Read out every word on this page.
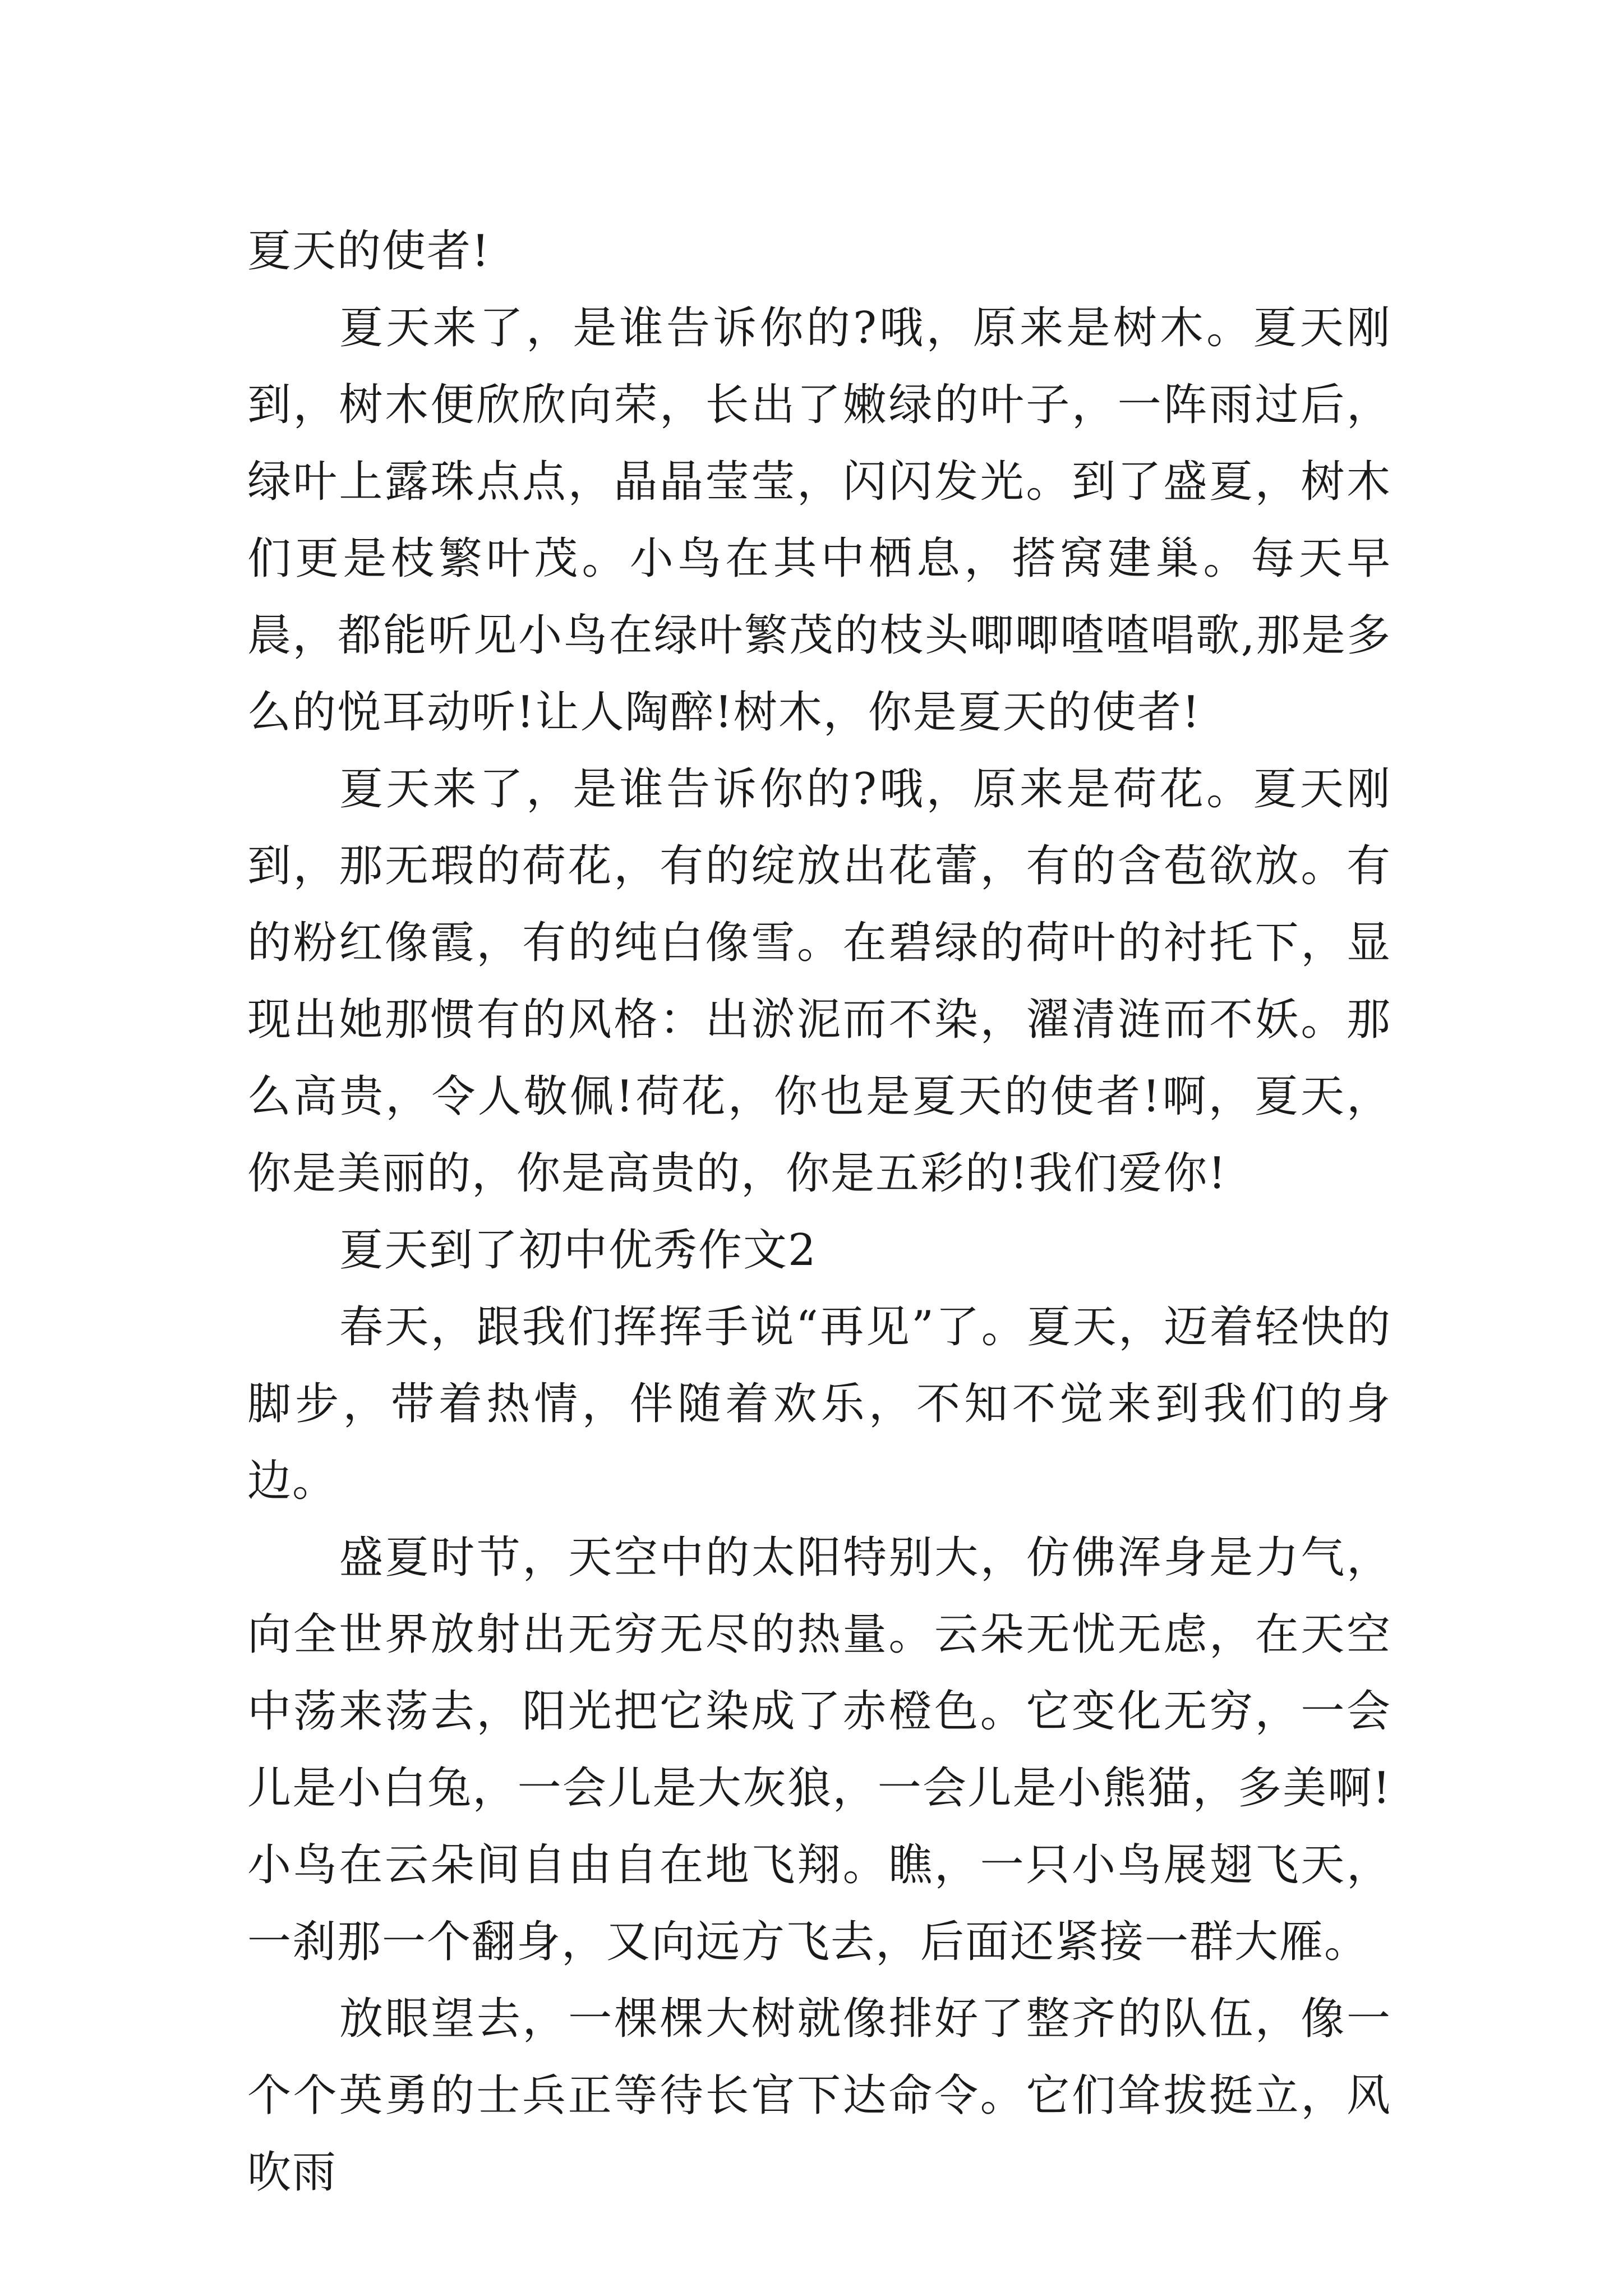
夏天的使者!

夏天来了，是谁告诉你的?哦，原来是树木。夏天刚到，树木便欣欣向荣，长出了嫩绿的叶子，一阵雨过后，绿叶上露珠点点，晶晶莹莹，闪闪发光。到了盛夏，树木们更是枝繁叶茂。小鸟在其中栖息，搭窝建巢。每天早晨，都能听见小鸟在绿叶繁茂的枝头唧唧喳喳唱歌,那是多么的悦耳动听!让人陶醉!树木，你是夏天的使者!

夏天来了，是谁告诉你的?哦，原来是荷花。夏天刚到，那无瑕的荷花，有的绽放出花蕾，有的含苞欲放。有的粉红像霞，有的纯白像雪。在碧绿的荷叶的衬托下，显现出她那惯有的风格：出淤泥而不染，濯清涟而不妖。那么高贵，令人敬佩!荷花，你也是夏天的使者!啊，夏天，你是美丽的，你是高贵的，你是五彩的!我们爱你!

夏天到了初中优秀作文2

春天，跟我们挥挥手说“再见”了。夏天，迈着轻快的脚步，带着热情，伴随着欢乐，不知不觉来到我们的身边。

盛夏时节，天空中的太阳特别大，仿佛浑身是力气，向全世界放射出无穷无尽的热量。云朵无忧无虑，在天空中荡来荡去，阳光把它染成了赤橙色。它变化无穷，一会儿是小白兔，一会儿是大灰狼，一会儿是小熊猫，多美啊!小鸟在云朵间自由自在地飞翔。瞧，一只小鸟展翅飞天，一刹那一个翻身，又向远方飞去，后面还紧接一群大雁。

放眼望去，一棵棵大树就像排好了整齐的队伍，像一个个英勇的士兵正等待长官下达命令。它们耸拔挺立，风吹雨
